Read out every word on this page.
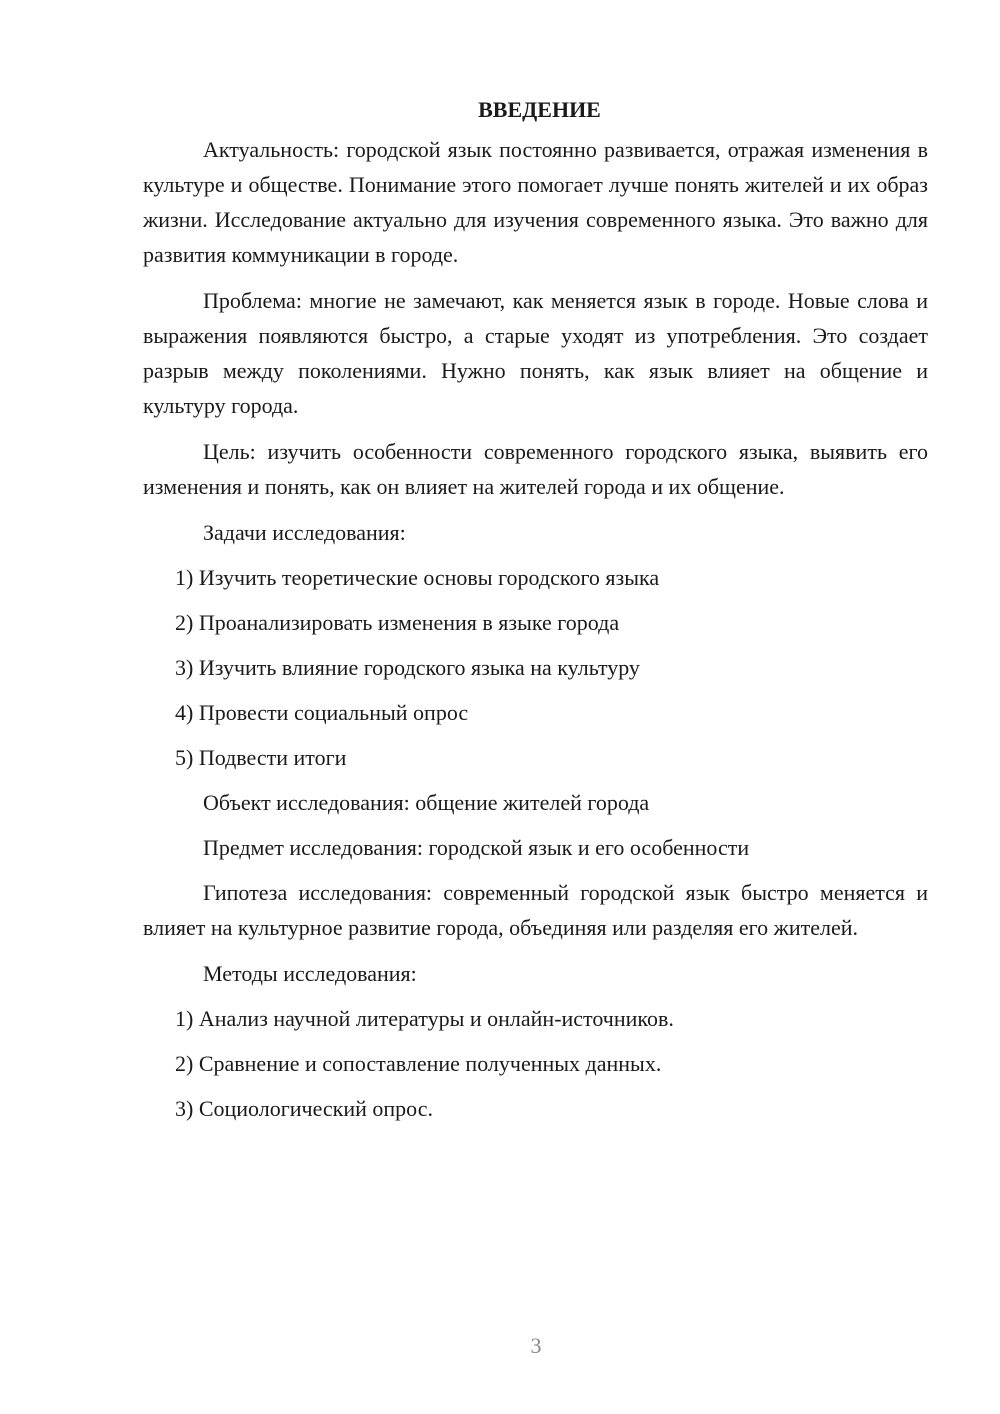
ВВЕДЕНИЕ

Актуальность: городской язык постоянно развивается, отражая изменения в культуре и обществе. Понимание этого помогает лучше понять жителей и их образ жизни. Исследование актуально для изучения современного языка. Это важно для развития коммуникации в городе.

Проблема: многие не замечают, как меняется язык в городе. Новые слова и выражения появляются быстро, а старые уходят из употребления. Это создает разрыв между поколениями. Нужно понять, как язык влияет на общение и культуру города.

Цель: изучить особенности современного городского языка, выявить его изменения и понять, как он влияет на жителей города и их общение.

Задачи исследования:
1) Изучить теоретические основы городского языка
2) Проанализировать изменения в языке города
3) Изучить влияние городского языка на культуру
4) Провести социальный опрос
5) Подвести итоги
Объект исследования: общение жителей города
Предмет исследования: городской язык и его особенности

Гипотеза исследования: современный городской язык быстро меняется и влияет на культурное развитие города, объединяя или разделяя его жителей.

Методы исследования:
1) Анализ научной литературы и онлайн-источников.
2) Сравнение и сопоставление полученных данных.
3) Социологический опрос.
3
